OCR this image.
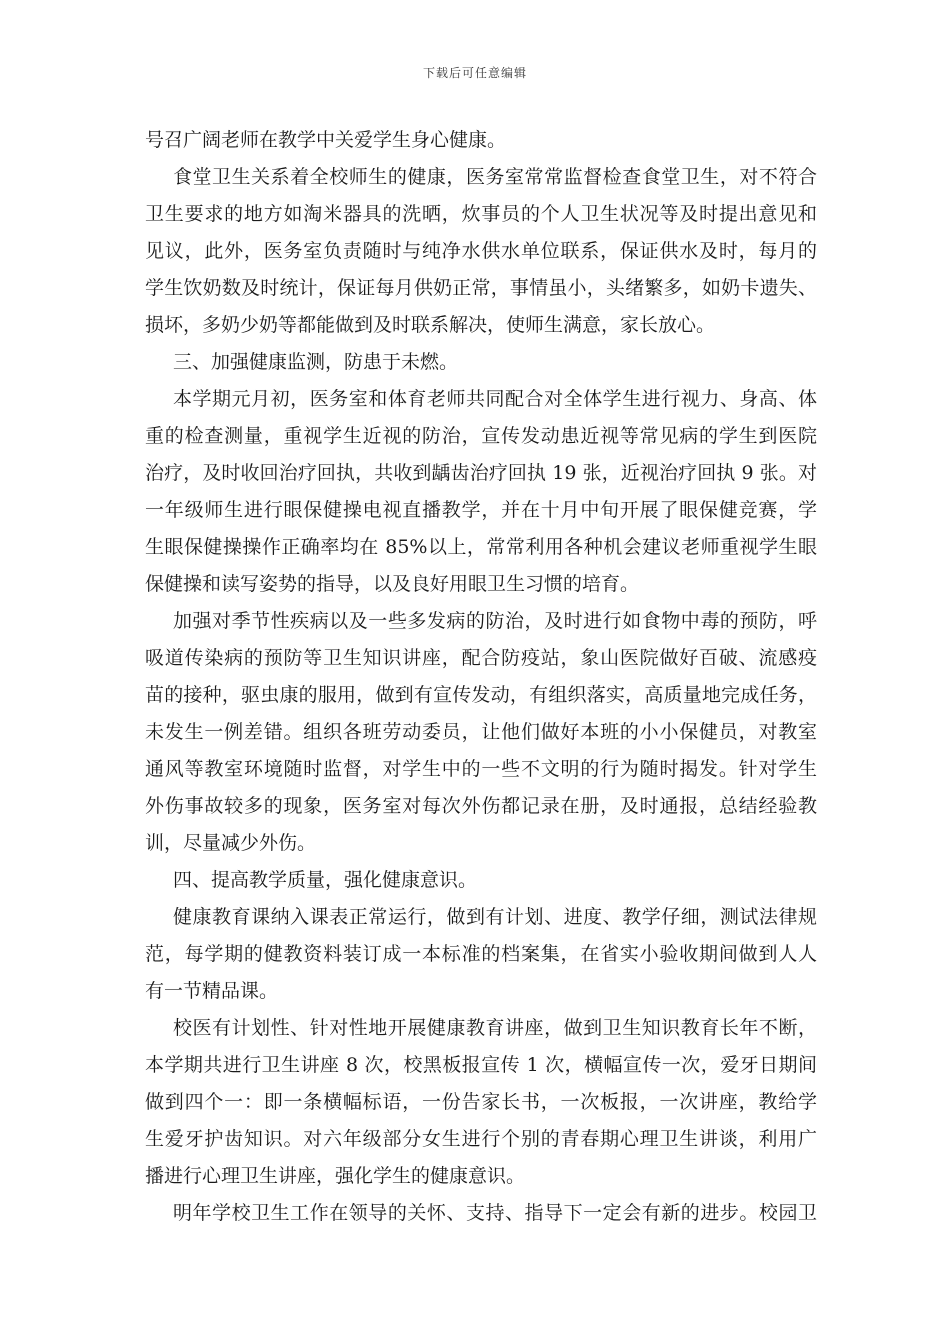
下载后可任意编辑
号召广阔老师在教学中关爱学生身心健康。
食堂卫生关系着全校师生的健康，医务室常常监督检查食堂卫生，对不符合
卫生要求的地方如淘米器具的洗晒，炊事员的个人卫生状况等及时提出意见和
见议，此外，医务室负责随时与纯净水供水单位联系，保证供水及时，每月的
学生饮奶数及时统计，保证每月供奶正常，事情虽小，头绪繁多，如奶卡遗失、
损坏，多奶少奶等都能做到及时联系解决，使师生满意，家长放心。
三、加强健康监测，防患于未燃。
本学期元月初，医务室和体育老师共同配合对全体学生进行视力、身高、体
重的检查测量，重视学生近视的防治，宣传发动患近视等常见病的学生到医院
治疗，及时收回治疗回执，共收到龋齿治疗回执 19 张，近视治疗回执 9 张。对
一年级师生进行眼保健操电视直播教学，并在十月中旬开展了眼保健竞赛，学
生眼保健操操作正确率均在 85%以上，常常利用各种机会建议老师重视学生眼
保健操和读写姿势的指导，以及良好用眼卫生习惯的培育。
加强对季节性疾病以及一些多发病的防治，及时进行如食物中毒的预防，呼
吸道传染病的预防等卫生知识讲座，配合防疫站，象山医院做好百破、流感疫
苗的接种，驱虫康的服用，做到有宣传发动，有组织落实，高质量地完成任务，
未发生一例差错。组织各班劳动委员，让他们做好本班的小小保健员，对教室
通风等教室环境随时监督，对学生中的一些不文明的行为随时揭发。针对学生
外伤事故较多的现象，医务室对每次外伤都记录在册，及时通报，总结经验教
训，尽量减少外伤。
四、提高教学质量，强化健康意识。
健康教育课纳入课表正常运行，做到有计划、进度、教学仔细，测试法律规
范，每学期的健教资料装订成一本标准的档案集，在省实小验收期间做到人人
有一节精品课。
校医有计划性、针对性地开展健康教育讲座，做到卫生知识教育长年不断，
本学期共进行卫生讲座 8 次，校黑板报宣传 1 次，横幅宣传一次，爱牙日期间
做到四个一：即一条横幅标语，一份告家长书，一次板报，一次讲座，教给学
生爱牙护齿知识。对六年级部分女生进行个别的青春期心理卫生讲谈，利用广
播进行心理卫生讲座，强化学生的健康意识。
明年学校卫生工作在领导的关怀、支持、指导下一定会有新的进步。校园卫
